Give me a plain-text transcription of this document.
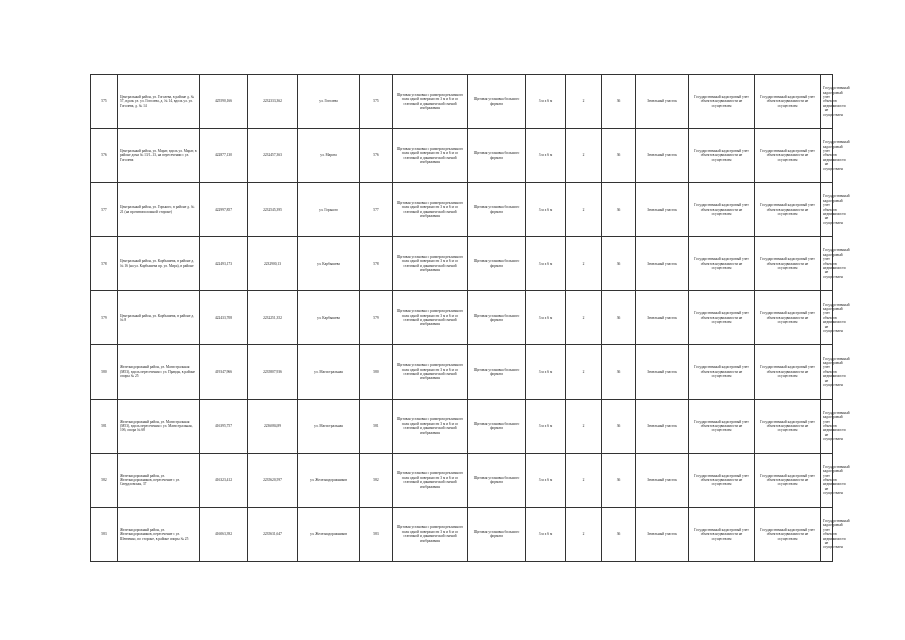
575	Центральный район, ул. Гоголева, в районе д. № 57, вдоль ул. ул. Гоголева, д. № 14, вдоль ул. ул. Гоголева, д. № 14	425590,166	2232333,362	ул. Гоголева	575	Щитовая установка с размером рекламного поля одной поверхности 3 м и 6 м со статичной и динамической сменой изображения	Щитовая установка большого формата	3 м х 6 м	2	36	Земельный участок	Государственный кадастровый учет объектов недвижимости не осуществлен	Государственный кадастровый учет объектов недвижимости не осуществлен	Государственный кадастровый учет объектов недвижимости не осуществлен
576	Центральный район, ул. Марат, вдоль ул. Марат, в районе дома № 13/1–13, на пересечении с ул. Гоголева	422877,130	2232457,363	ул. Марата	576	Щитовая установка с размером рекламного поля одной поверхности 3 м и 6 м со статичной и динамической сменой изображения	Щитовая установка большого формата	3 м х 6 м	2	36	Земельный участок	Государственный кадастровый учет объектов недвижимости не осуществлен	Государственный кадастровый учет объектов недвижимости не осуществлен	Государственный кадастровый учет объектов недвижимости не осуществлен
577	Центральный район, ул. Горького, в районе д. № 21 (на противоположной стороне)	422997,857	2232545,395	ул. Горького	577	Щитовая установка с размером рекламного поля одной поверхности 3 м и 6 м со статичной и динамической сменой изображения	Щитовая установка большого формата	3 м х 6 м	2	36	Земельный участок	Государственный кадастровый учет объектов недвижимости не осуществлен	Государственный кадастровый учет объектов недвижимости не осуществлен	Государственный кадастровый учет объектов недвижимости не осуществлен
578	Центральный район, ул. Карбышева, в районе д. № 16 (на ул. Карбышева пр. ул. Мира), в районе	422493,173	2232900,13	ул. Карбышева	578	Щитовая установка с размером рекламного поля одной поверхности 3 м и 6 м со статичной и динамической сменой изображения	Щитовая установка большого формата	3 м х 6 м	2	36	Земельный участок	Государственный кадастровый учет объектов недвижимости не осуществлен	Государственный кадастровый учет объектов недвижимости не осуществлен	Государственный кадастровый учет объектов недвижимости не осуществлен
579	Центральный район, ул. Карбышева, в районе д. № 8	422433,708	2232251,352	ул. Карбышева	579	Щитовая установка с размером рекламного поля одной поверхности 3 м и 6 м со статичной и динамической сменой изображения	Щитовая установка большого формата	3 м х 6 м	2	36	Земельный участок	Государственный кадастровый учет объектов недвижимости не осуществлен	Государственный кадастровый учет объектов недвижимости не осуществлен	Государственный кадастровый учет объектов недвижимости не осуществлен
580	Железнодорожный район, ул. Магистральная (М53), вдоль пересечения с ул. Правды, в районе опоры № 25	419347,966	2235807,936	ул. Магистральная	580	Щитовая установка с размером рекламного поля одной поверхности 3 м и 6 м со статичной и динамической сменой изображения	Щитовая установка большого формата	3 м х 6 м	2	36	Земельный участок	Государственный кадастровый учет объектов недвижимости не осуществлен	Государственный кадастровый учет объектов недвижимости не осуществлен	Государственный кадастровый учет объектов недвижимости не осуществлен
581	Железнодорожный район, ул. Магистральная (М53), вдоль пересечения с ул. Магистральная, 10б, опора № 68	416395,757	2236084,89	ул. Магистральная	581	Щитовая установка с размером рекламного поля одной поверхности 3 м и 6 м со статичной и динамической сменой изображения	Щитовая установка большого формата	3 м х 6 м	2	36	Земельный участок	Государственный кадастровый учет объектов недвижимости не осуществлен	Государственный кадастровый учет объектов недвижимости не осуществлен	Государственный кадастровый учет объектов недвижимости не осуществлен
582	Железнодорожный район, ул. Железнодорожников, пересечение с ул. Свердловская, 37	416323,412	2235620,597	ул. Железнодорожников	582	Щитовая установка с размером рекламного поля одной поверхности 3 м и 6 м со статичной и динамической сменой изображения	Щитовая установка большого формата	3 м х 6 м	2	36	Земельный участок	Государственный кадастровый учет объектов недвижимости не осуществлен	Государственный кадастровый учет объектов недвижимости не осуществлен	Государственный кадастровый учет объектов недвижимости не осуществлен
583	Железнодорожный район, ул. Железнодорожников, пересечение с ул. Шевченко, по стороне, в районе опоры № 25	416063,392	2235631,647	ул. Железнодорожников	583	Щитовая установка с размером рекламного поля одной поверхности 3 м и 6 м со статичной и динамической сменой изображения	Щитовая установка большого формата	3 м х 6 м	2	36	Земельный участок	Государственный кадастровый учет объектов недвижимости не осуществлен	Государственный кадастровый учет объектов недвижимости не осуществлен	Государственный кадастровый учет объектов недвижимости не осуществлен
